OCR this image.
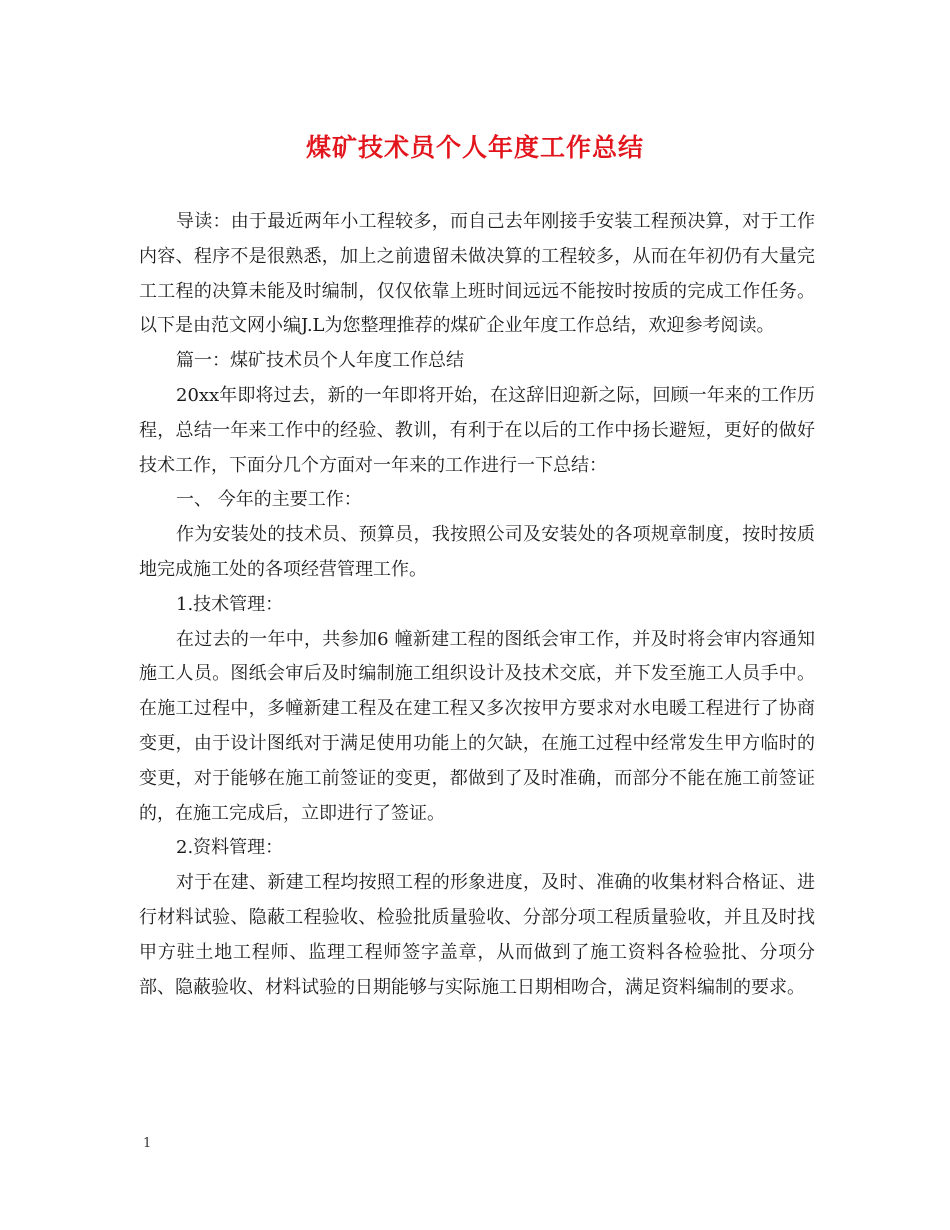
煤矿技术员个人年度工作总结

导读：由于最近两年小工程较多，而自己去年刚接手安装工程预决算，对于工作内容、程序不是很熟悉，加上之前遗留未做决算的工程较多，从而在年初仍有大量完工工程的决算未能及时编制，仅仅依靠上班时间远远不能按时按质的完成工作任务。以下是由范文网小编J.L为您整理推荐的煤矿企业年度工作总结，欢迎参考阅读。

篇一：煤矿技术员个人年度工作总结

20xx年即将过去，新的一年即将开始，在这辞旧迎新之际，回顾一年来的工作历程，总结一年来工作中的经验、教训，有利于在以后的工作中扬长避短，更好的做好技术工作，下面分几个方面对一年来的工作进行一下总结：

一、 今年的主要工作：

作为安装处的技术员、预算员，我按照公司及安装处的各项规章制度，按时按质地完成施工处的各项经营管理工作。

1.技术管理：

在过去的一年中，共参加6 幢新建工程的图纸会审工作，并及时将会审内容通知施工人员。图纸会审后及时编制施工组织设计及技术交底，并下发至施工人员手中。在施工过程中，多幢新建工程及在建工程又多次按甲方要求对水电暖工程进行了协商变更，由于设计图纸对于满足使用功能上的欠缺，在施工过程中经常发生甲方临时的变更，对于能够在施工前签证的变更，都做到了及时准确，而部分不能在施工前签证的，在施工完成后，立即进行了签证。

2.资料管理：

对于在建、新建工程均按照工程的形象进度，及时、准确的收集材料合格证、进行材料试验、隐蔽工程验收、检验批质量验收、分部分项工程质量验收，并且及时找甲方驻土地工程师、监理工程师签字盖章，从而做到了施工资料各检验批、分项分部、隐蔽验收、材料试验的日期能够与实际施工日期相吻合，满足资料编制的要求。

1
